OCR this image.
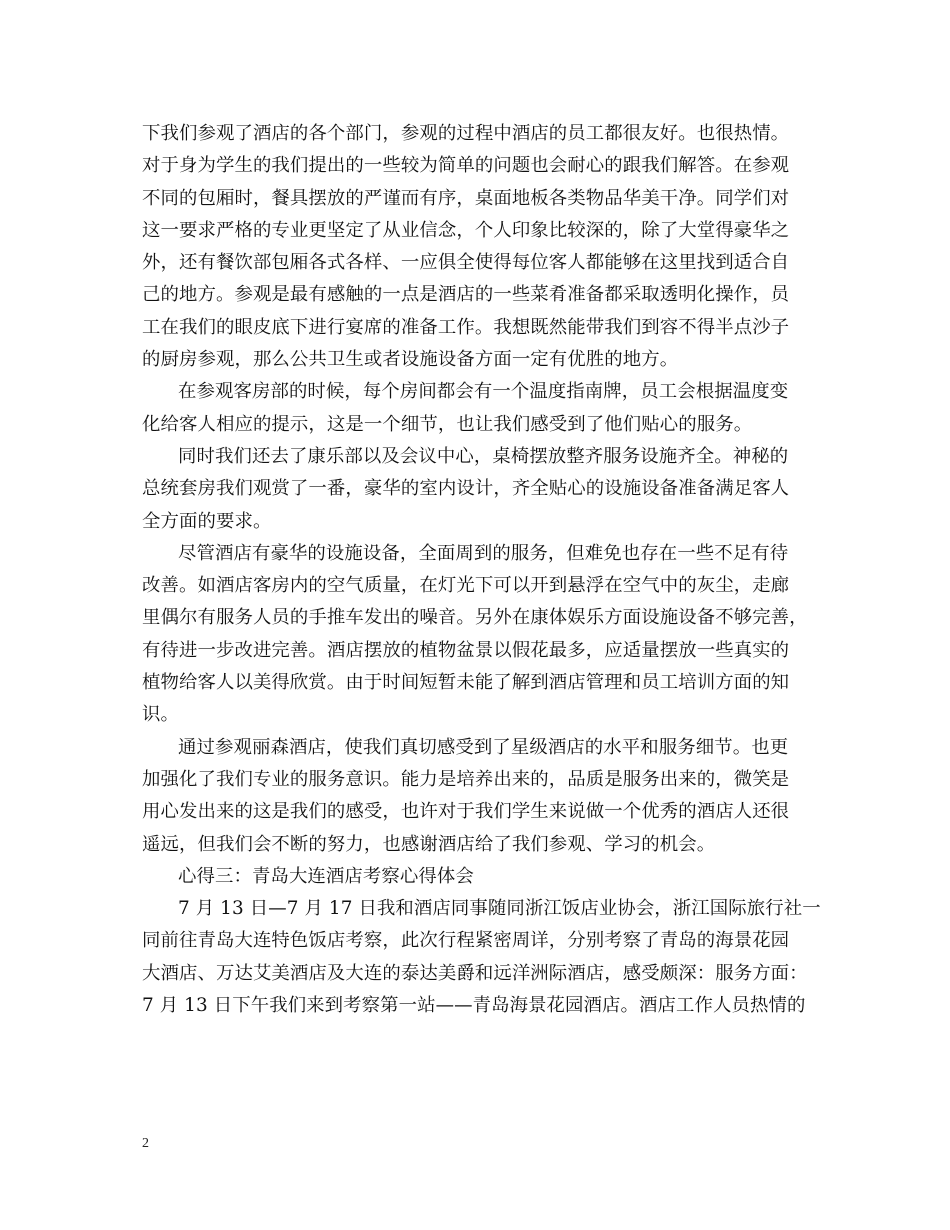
下我们参观了酒店的各个部门，参观的过程中酒店的员工都很友好。也很热情。
对于身为学生的我们提出的一些较为简单的问题也会耐心的跟我们解答。在参观
不同的包厢时，餐具摆放的严谨而有序，桌面地板各类物品华美干净。同学们对
这一要求严格的专业更坚定了从业信念，个人印象比较深的，除了大堂得豪华之
外，还有餐饮部包厢各式各样、一应俱全使得每位客人都能够在这里找到适合自
己的地方。参观是最有感触的一点是酒店的一些菜肴准备都采取透明化操作，员
工在我们的眼皮底下进行宴席的准备工作。我想既然能带我们到容不得半点沙子
的厨房参观，那么公共卫生或者设施设备方面一定有优胜的地方。
在参观客房部的时候，每个房间都会有一个温度指南牌，员工会根据温度变
化给客人相应的提示，这是一个细节，也让我们感受到了他们贴心的服务。
同时我们还去了康乐部以及会议中心，桌椅摆放整齐服务设施齐全。神秘的
总统套房我们观赏了一番，豪华的室内设计，齐全贴心的设施设备准备满足客人
全方面的要求。
尽管酒店有豪华的设施设备，全面周到的服务，但难免也存在一些不足有待
改善。如酒店客房内的空气质量，在灯光下可以开到悬浮在空气中的灰尘，走廊
里偶尔有服务人员的手推车发出的噪音。另外在康体娱乐方面设施设备不够完善，
有待进一步改进完善。酒店摆放的植物盆景以假花最多，应适量摆放一些真实的
植物给客人以美得欣赏。由于时间短暂未能了解到酒店管理和员工培训方面的知
识。
通过参观丽森酒店，使我们真切感受到了星级酒店的水平和服务细节。也更
加强化了我们专业的服务意识。能力是培养出来的，品质是服务出来的，微笑是
用心发出来的这是我们的感受，也许对于我们学生来说做一个优秀的酒店人还很
遥远，但我们会不断的努力，也感谢酒店给了我们参观、学习的机会。
心得三：青岛大连酒店考察心得体会
7 月 13 日—7 月 17 日我和酒店同事随同浙江饭店业协会，浙江国际旅行社一
同前往青岛大连特色饭店考察，此次行程紧密周详，分别考察了青岛的海景花园
大酒店、万达艾美酒店及大连的泰达美爵和远洋洲际酒店，感受颇深：服务方面：
7 月 13 日下午我们来到考察第一站——青岛海景花园酒店。酒店工作人员热情的
2
